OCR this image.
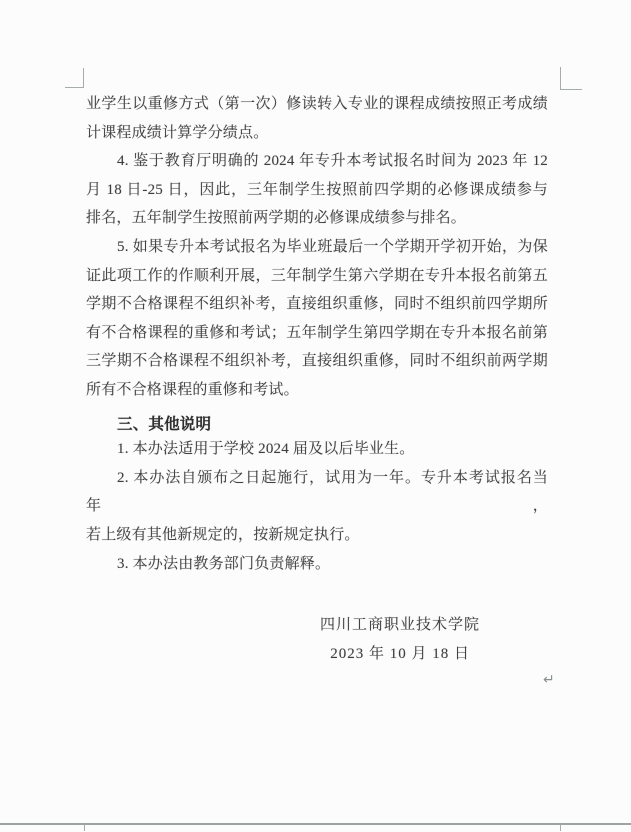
业学生以重修方式（第一次）修读转入专业的课程成绩按照正考成绩
计课程成绩计算学分绩点。
4. 鉴于教育厅明确的 2024 年专升本考试报名时间为 2023 年 12
月 18 日-25 日，因此，三年制学生按照前四学期的必修课成绩参与
排名，五年制学生按照前两学期的必修课成绩参与排名。
5. 如果专升本考试报名为毕业班最后一个学期开学初开始，为保
证此项工作的作顺利开展，三年制学生第六学期在专升本报名前第五
学期不合格课程不组织补考，直接组织重修，同时不组织前四学期所
有不合格课程的重修和考试；五年制学生第四学期在专升本报名前第
三学期不合格课程不组织补考，直接组织重修，同时不组织前两学期
所有不合格课程的重修和考试。
三、其他说明
1. 本办法适用于学校 2024 届及以后毕业生。
2. 本办法自颁布之日起施行，试用为一年。专升本考试报名当年，
若上级有其他新规定的，按新规定执行。
3. 本办法由教务部门负责解释。
四川工商职业技术学院
2023 年 10 月 18 日
↵
